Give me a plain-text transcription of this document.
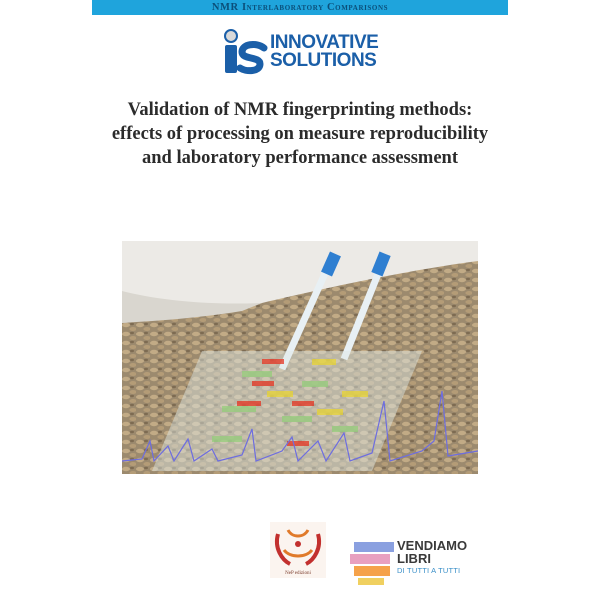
NMR Interlaboratory Comparisons
INNOVATIVE
SOLUTIONS
Validation of NMR fingerprinting methods:
effects of processing on measure reproducibility
and laboratory performance assessment
NeP edizioni
VENDIAMO
LIBRI
DI TUTTI A TUTTI
